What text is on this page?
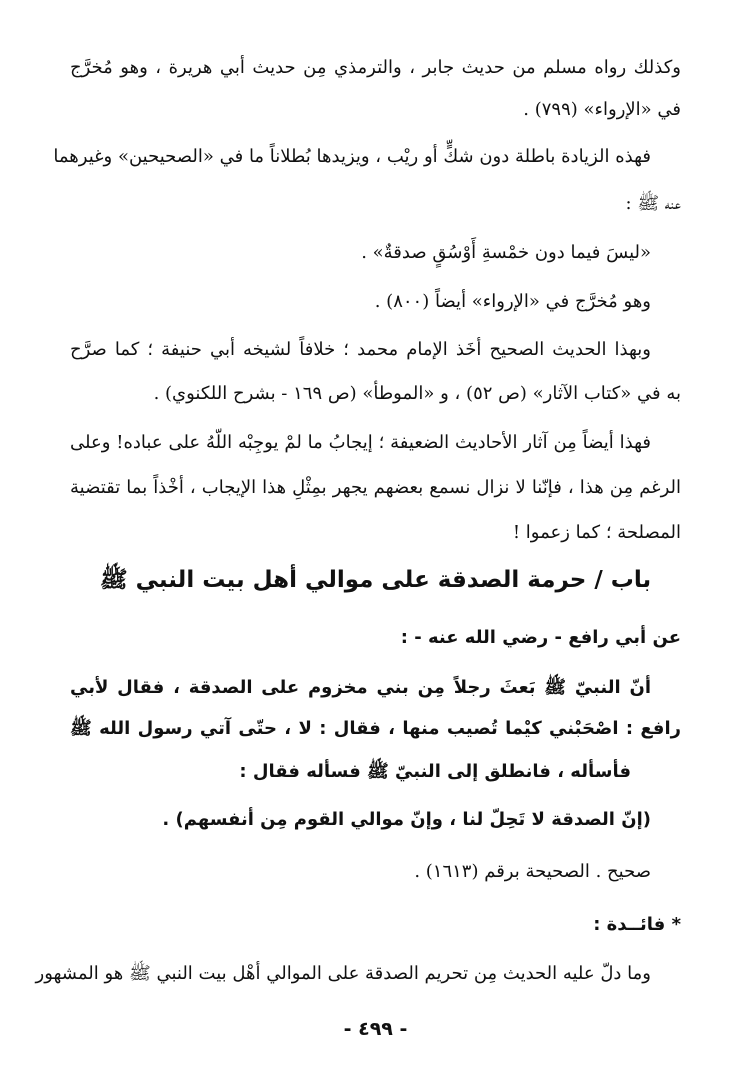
وكذلك رواه مسلم من حديث جابر ، والترمذي مِن حديث أبي هريرة ، وهو مُخرَّج
في «الإرواء» (٧٩٩) .
فهذه الزيادة باطلة دون شكٍّ أو ريْب ، ويزيدها بُطلاناً ما في «الصحيحين» وغيرهما
عنه ﷺ :
«ليسَ فيما دون خمْسةِ أَوْسُقٍ صدقةٌ» .
وهو مُخرَّج في «الإرواء» أيضاً (٨٠٠) .
وبهذا الحديث الصحيح أخَذ الإمام محمد ؛ خلافاً لشيخه أبي حنيفة ؛ كما صرَّح
به في «كتاب الآثار» (ص ٥٢) ، و «الموطأ» (ص ١٦٩ - بشرح اللكنوي) .
فهذا أيضاً مِن آثار الأحاديث الضعيفة ؛ إيجابُ ما لمْ يوجِبْه اللّهُ على عباده! وعلى
الرغم مِن هذا ، فإنّنا لا نزال نسمع بعضهم يجهر بمِثْلِ هذا الإيجاب ، أخْذاً بما تقتضية
المصلحة ؛ كما زعموا !
باب / حرمة الصدقة على موالي أهل بيت النبي ﷺ
عن أبي رافع - رضي الله عنه - :
أنّ النبيّ ﷺ بَعثَ رجلاً مِن بني مخزوم على الصدقة ، فقال لأبي
رافع : اصْحَبْني كيْما تُصيب منها ، فقال : لا ، حتّى آتي رسول الله ﷺ
فأسأله ، فانطلق إلى النبيّ ﷺ فسأله فقال :
(إنّ الصدقة لا تَحِلّ لنا ، وإنّ موالي القوم مِن أنفسهم) .
صحيح . الصحيحة برقم (١٦١٣) .
* فائــدة :
وما دلّ عليه الحديث مِن تحريم الصدقة على الموالي أهْل بيت النبي ﷺ هو المشهور
- ٤٩٩ -
